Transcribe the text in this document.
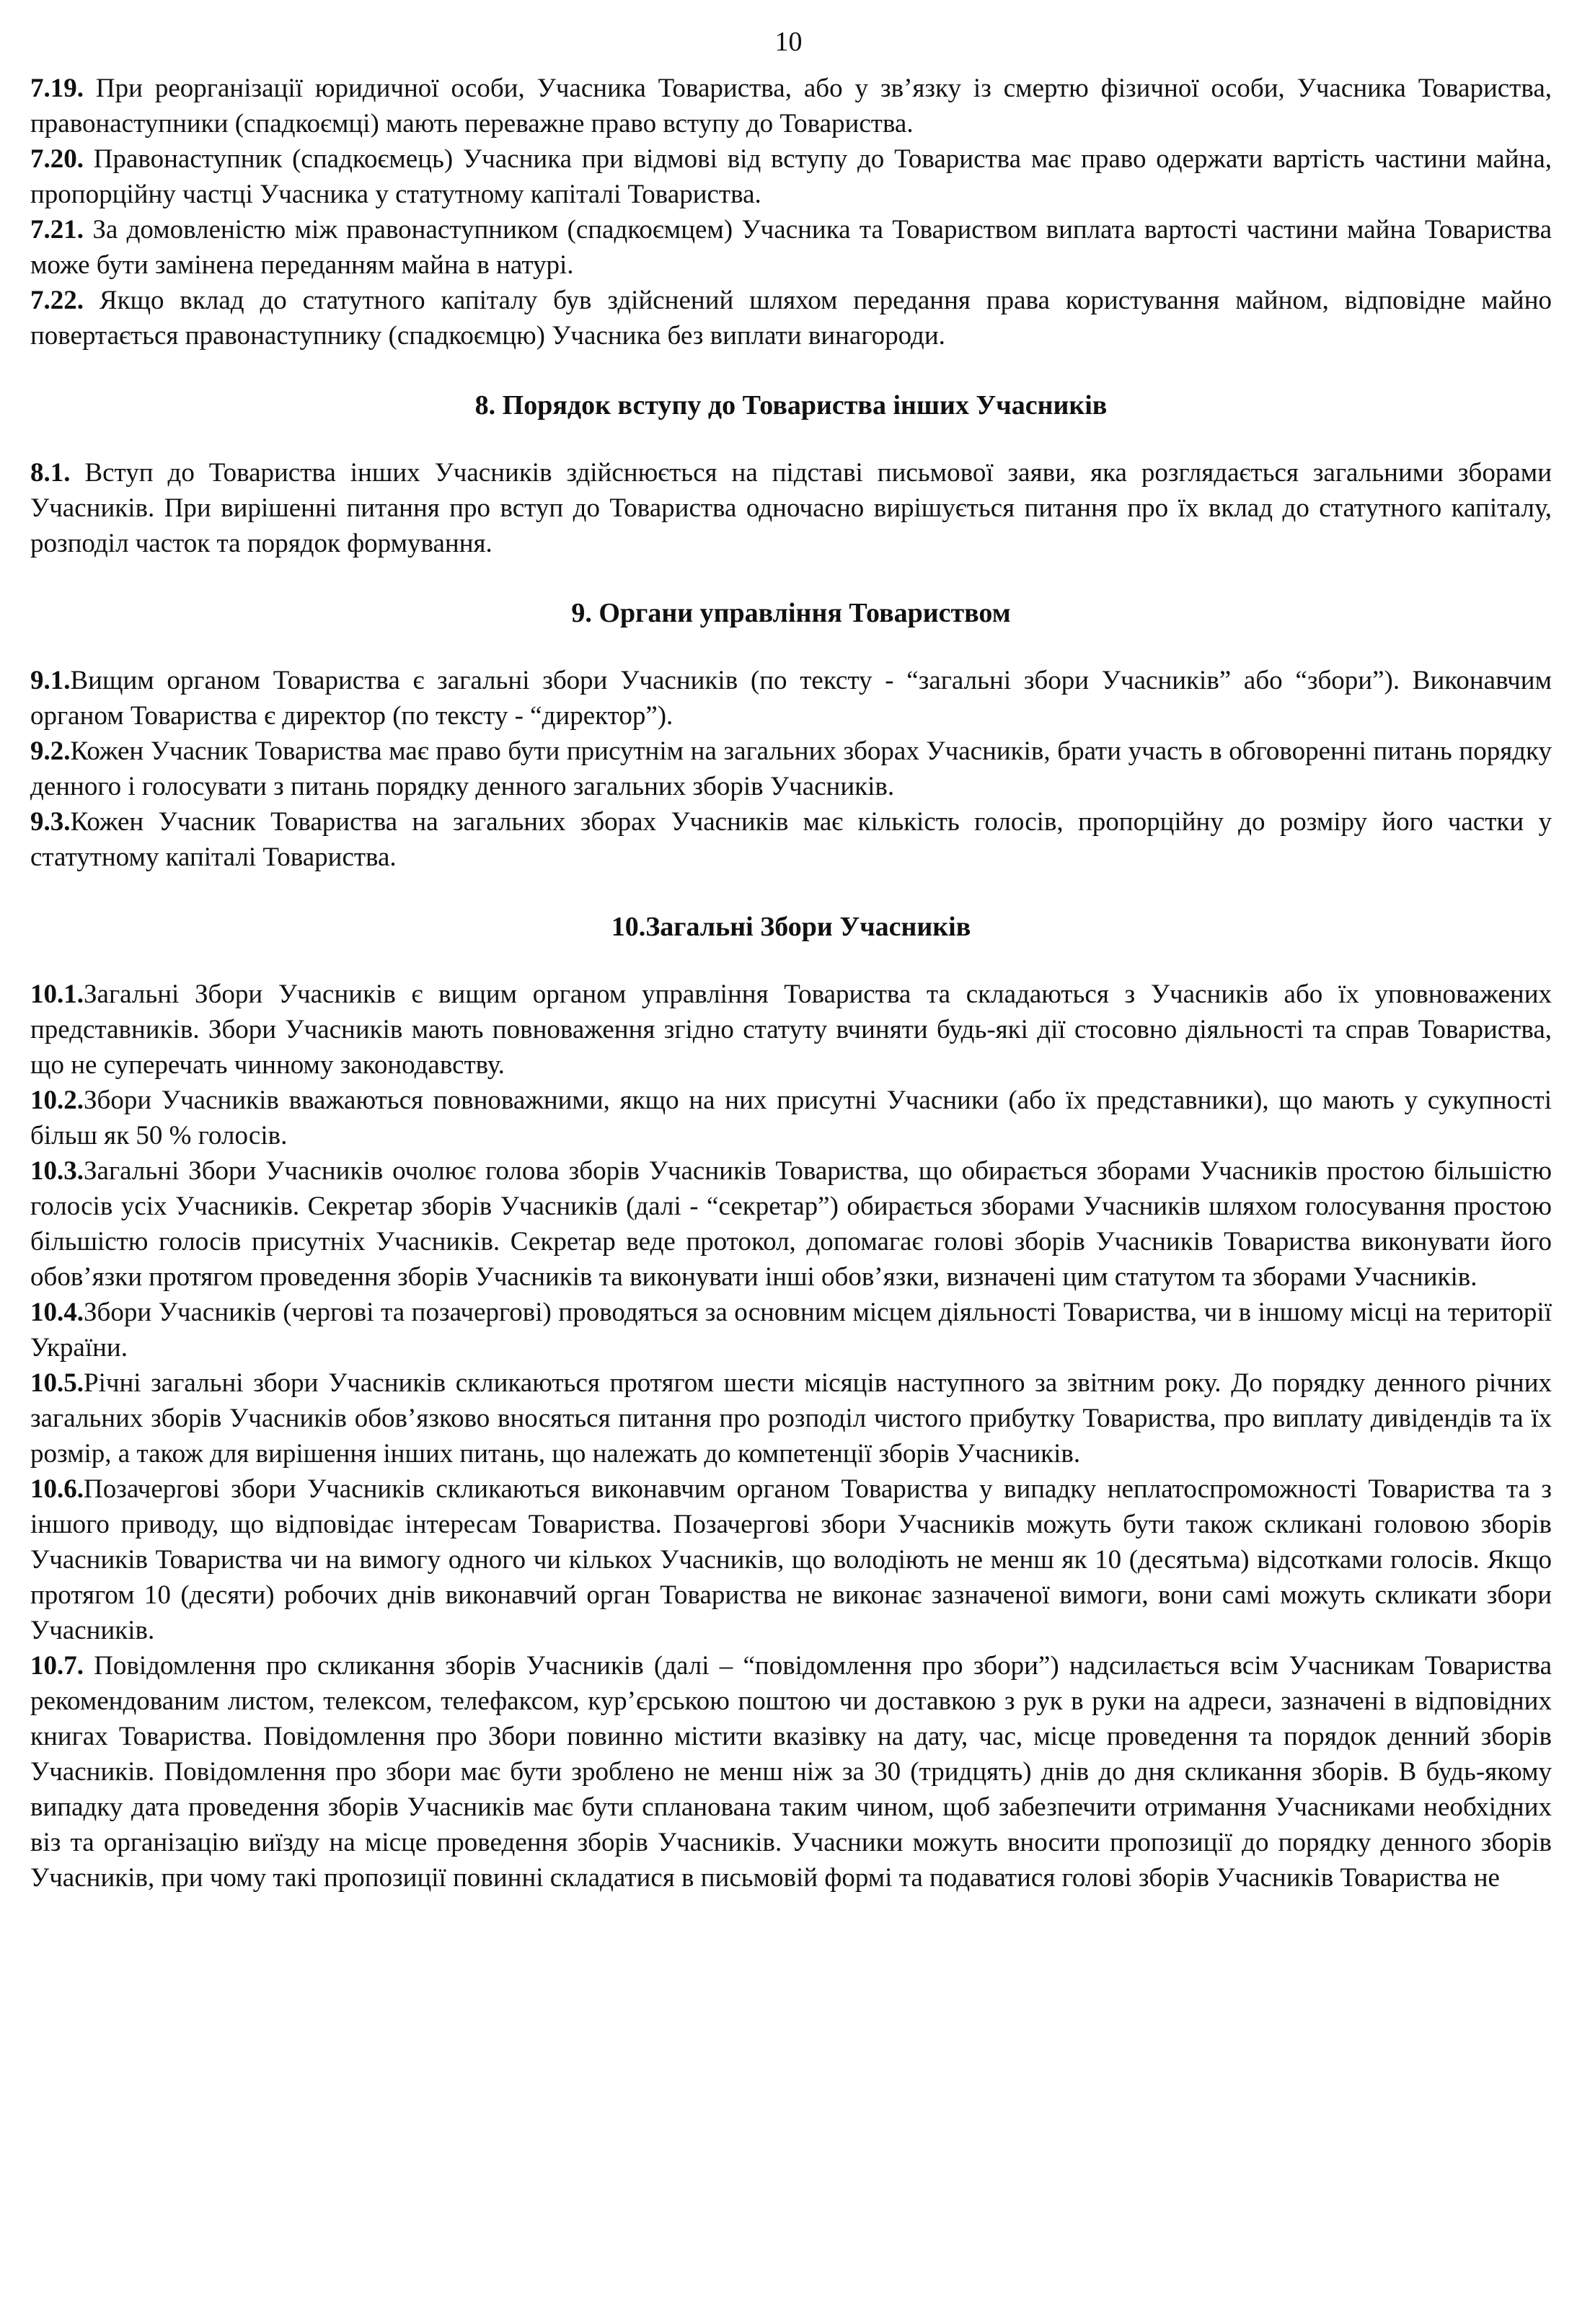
10

7.19. При реорганізації юридичної особи, Учасника Товариства, або у зв’язку із смертю фізичної особи, Учасника Товариства, правонаступники (спадкоємці) мають переважне право вступу до Товариства.

7.20. Правонаступник (спадкоємець) Учасника при відмові від вступу до Товариства має право одержати вартість частини майна, пропорційну частці Учасника у статутному капіталі Товариства.

7.21. За домовленістю між правонаступником (спадкоємцем) Учасника та Товариством виплата вартості частини майна Товариства може бути замінена переданням майна в натурі.

7.22. Якщо вклад до статутного капіталу був здійснений шляхом передання права користування майном, відповідне майно повертається правонаступнику (спадкоємцю) Учасника без виплати винагороди.

8. Порядок вступу до Товариства інших Учасників

8.1. Вступ до Товариства інших Учасників здійснюється на підставі письмової заяви, яка розглядається загальними зборами Учасників. При вирішенні питання про вступ до Товариства одночасно вирішується питання про їх вклад до статутного капіталу, розподіл часток та порядок формування.

9. Органи управління Товариством

9.1.Вищим органом Товариства є загальні збори Учасників (по тексту - “загальні збори Учасників” або “збори”). Виконавчим органом Товариства є директор (по тексту - “директор”).

9.2.Кожен Учасник Товариства має право бути присутнім на загальних зборах Учасників, брати участь в обговоренні питань порядку денного і голосувати з питань порядку денного загальних зборів Учасників.

9.3.Кожен Учасник Товариства на загальних зборах Учасників має кількість голосів, пропорційну до розміру його частки у статутному капіталі Товариства.

10.Загальні Збори Учасників

10.1.Загальні Збори Учасників є вищим органом управління Товариства та складаються з Учасників або їх уповноважених представників. Збори Учасників мають повноваження згідно статуту вчиняти будь-які дії стосовно діяльності та справ Товариства, що не суперечать чинному законодавству.

10.2.Збори Учасників вважаються повноважними, якщо на них присутні Учасники (або їх представники), що мають у сукупності більш як 50 % голосів.

10.3.Загальні Збори Учасників очолює голова зборів Учасників Товариства, що обирається зборами Учасників простою більшістю голосів усіх Учасників. Секретар зборів Учасників (далі - “секретар”) обирається зборами Учасників шляхом голосування простою більшістю голосів присутніх Учасників. Секретар веде протокол, допомагає голові зборів Учасників Товариства виконувати його обов’язки протягом проведення зборів Учасників та виконувати інші обов’язки, визначені цим статутом та зборами Учасників.

10.4.Збори Учасників (чергові та позачергові) проводяться за основним місцем діяльності Товариства, чи в іншому місці на території України.

10.5.Річні загальні збори Учасників скликаються протягом шести місяців наступного за звітним року. До порядку денного річних загальних зборів Учасників обов’язково вносяться питання про розподіл чистого прибутку Товариства, про виплату дивідендів та їх розмір, а також для вирішення інших питань, що належать до компетенції зборів Учасників.

10.6.Позачергові збори Учасників скликаються виконавчим органом Товариства у випадку неплатоспроможності Товариства та з іншого приводу, що відповідає інтересам Товариства. Позачергові збори Учасників можуть бути також скликані головою зборів Учасників Товариства чи на вимогу одного чи кількох Учасників, що володіють не менш як 10 (десятьма) відсотками голосів. Якщо протягом 10 (десяти) робочих днів виконавчий орган Товариства не виконає зазначеної вимоги, вони самі можуть скликати збори Учасників.

10.7. Повідомлення про скликання зборів Учасників (далі – “повідомлення про збори”) надсилається всім Учасникам Товариства рекомендованим листом, телексом, телефаксом, кур’єрською поштою чи доставкою з рук в руки на адреси, зазначені в відповідних книгах Товариства. Повідомлення про Збори повинно містити вказівку на дату, час, місце проведення та порядок денний зборів Учасників. Повідомлення про збори має бути зроблено не менш ніж за 30 (тридцять) днів до дня скликання зборів. В будь-якому випадку дата проведення зборів Учасників має бути спланована таким чином, щоб забезпечити отримання Учасниками необхідних віз та організацію виїзду на місце проведення зборів Учасників. Учасники можуть вносити пропозиції до порядку денного зборів Учасників, при чому такі пропозиції повинні складатися в письмовій формі та подаватися голові зборів Учасників Товариства не
